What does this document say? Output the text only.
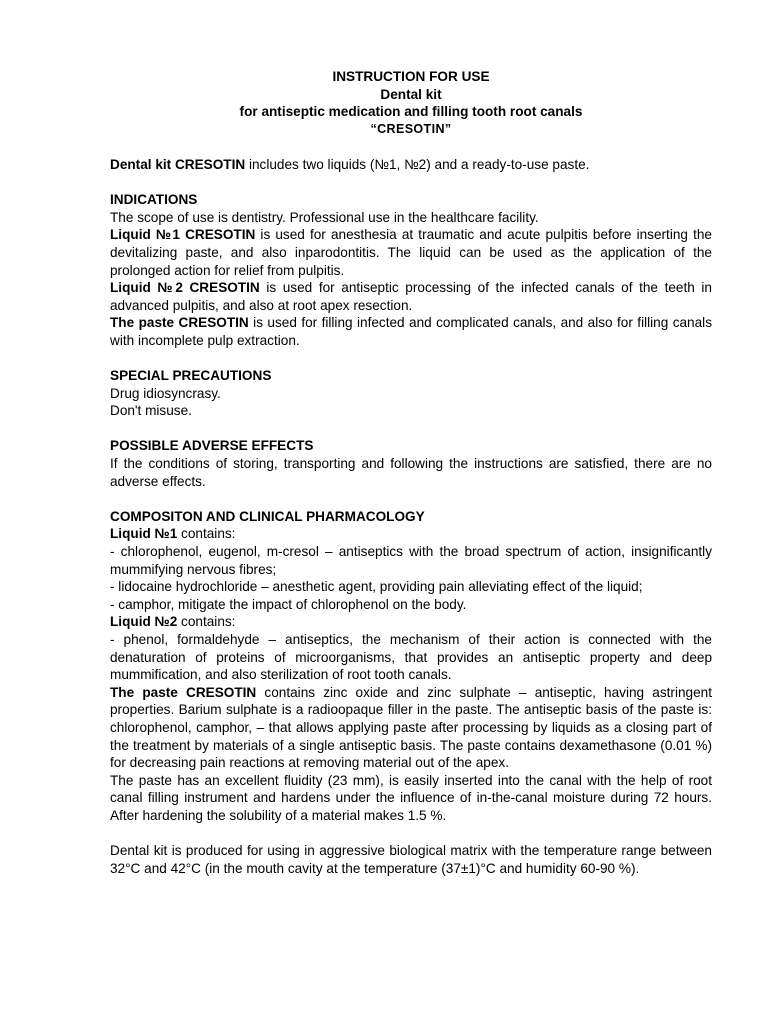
INSTRUCTION FOR USE
Dental kit
for antiseptic medication and filling tooth root canals
“CRESOTIN”

Dental kit CRESOTIN includes two liquids (№1, №2) and a ready-to-use paste.

INDICATIONS

The scope of use is dentistry. Professional use in the healthcare facility.

Liquid №1 CRESOTIN is used for anesthesia at traumatic and acute pulpitis before inserting the devitalizing paste, and also inparodontitis. The liquid can be used as the application of the prolonged action for relief from pulpitis.

Liquid №2 CRESOTIN is used for antiseptic processing of the infected canals of the teeth in advanced pulpitis, and also at root apex resection.

The paste CRESOTIN is used for filling infected and complicated canals, and also for filling canals with incomplete pulp extraction.

SPECIAL PRECAUTIONS

Drug idiosyncrasy.

Don't misuse.

POSSIBLE ADVERSE EFFECTS

If the conditions of storing, transporting and following the instructions are satisfied, there are no adverse effects.

COMPOSITON AND CLINICAL PHARMACOLOGY

Liquid №1 contains:

- chlorophenol, eugenol, m-cresol – antiseptics with the broad spectrum of action, insignificantly mummifying nervous fibres;

- lidocaine hydrochloride – anesthetic agent, providing pain alleviating effect of the liquid;

- camphor, mitigate the impact of chlorophenol on the body.

Liquid №2 contains:

- phenol, formaldehyde – antiseptics, the mechanism of their action is connected with the denaturation of proteins of microorganisms, that provides an antiseptic property and deep mummification, and also sterilization of root tooth canals.

The paste CRESOTIN contains zinc oxide and zinc sulphate – antiseptic, having astringent properties. Barium sulphate is a radioopaque filler in the paste. The antiseptic basis of the paste is: chlorophenol, camphor, – that allows applying paste after processing by liquids as a closing part of the treatment by materials of a single antiseptic basis. The paste contains dexamethasone (0.01 %) for decreasing pain reactions at removing material out of the apex.

The paste has an excellent fluidity (23 mm), is easily inserted into the canal with the help of root canal filling instrument and hardens under the influence of in-the-canal moisture during 72 hours. After hardening the solubility of a material makes 1.5 %.

Dental kit is produced for using in aggressive biological matrix with the temperature range between 32°C and 42°C (in the mouth cavity at the temperature (37±1)°C and humidity 60-90 %).
